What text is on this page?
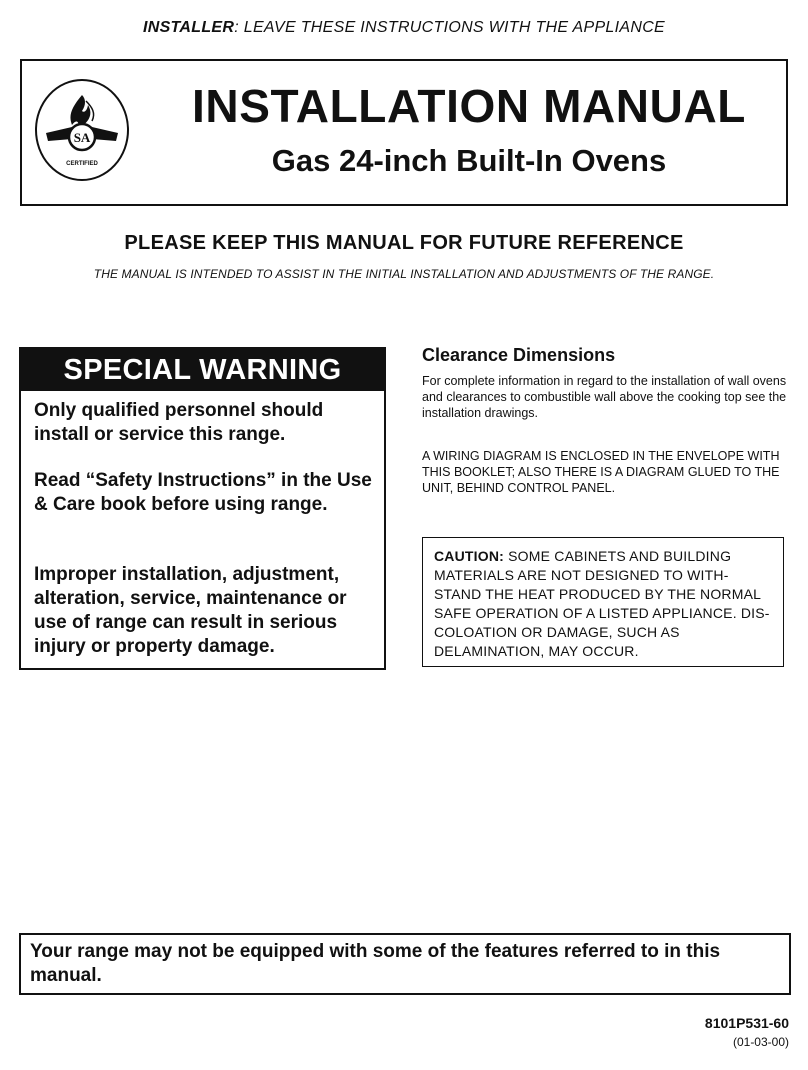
INSTALLER: LEAVE THESE INSTRUCTIONS WITH THE APPLIANCE
SA
CERTIFIED
INSTALLATION MANUAL
Gas 24-inch Built-In Ovens
PLEASE KEEP THIS MANUAL FOR FUTURE REFERENCE
THE MANUAL IS INTENDED TO ASSIST IN THE INITIAL INSTALLATION AND ADJUSTMENTS OF THE RANGE.
SPECIAL WARNING

Only qualified personnel should install or service this range.

Read “Safety Instructions” in the Use & Care book before using range.

Improper installation, adjustment, alteration, service, maintenance or use of range can result in serious injury or property damage.

Clearance Dimensions

For complete information in regard to the installation of wall ovens and clearances to combustible wall above the cooking top see the installation drawings.

A WIRING DIAGRAM IS ENCLOSED IN THE ENVELOPE WITH THIS BOOKLET; ALSO THERE IS A DIAGRAM GLUED TO THE UNIT, BEHIND CONTROL PANEL.

CAUTION: SOME CABINETS AND BUILDING MATERIALS ARE NOT DESIGNED TO WITH- STAND THE HEAT PRODUCED BY THE NORMAL SAFE OPERATION OF A LISTED APPLIANCE. DIS- COLOATION OR DAMAGE, SUCH AS DELAMINATION, MAY OCCUR.

Your range may not be equipped with some of the features referred to in this manual.

8101P531-60
(01-03-00)
